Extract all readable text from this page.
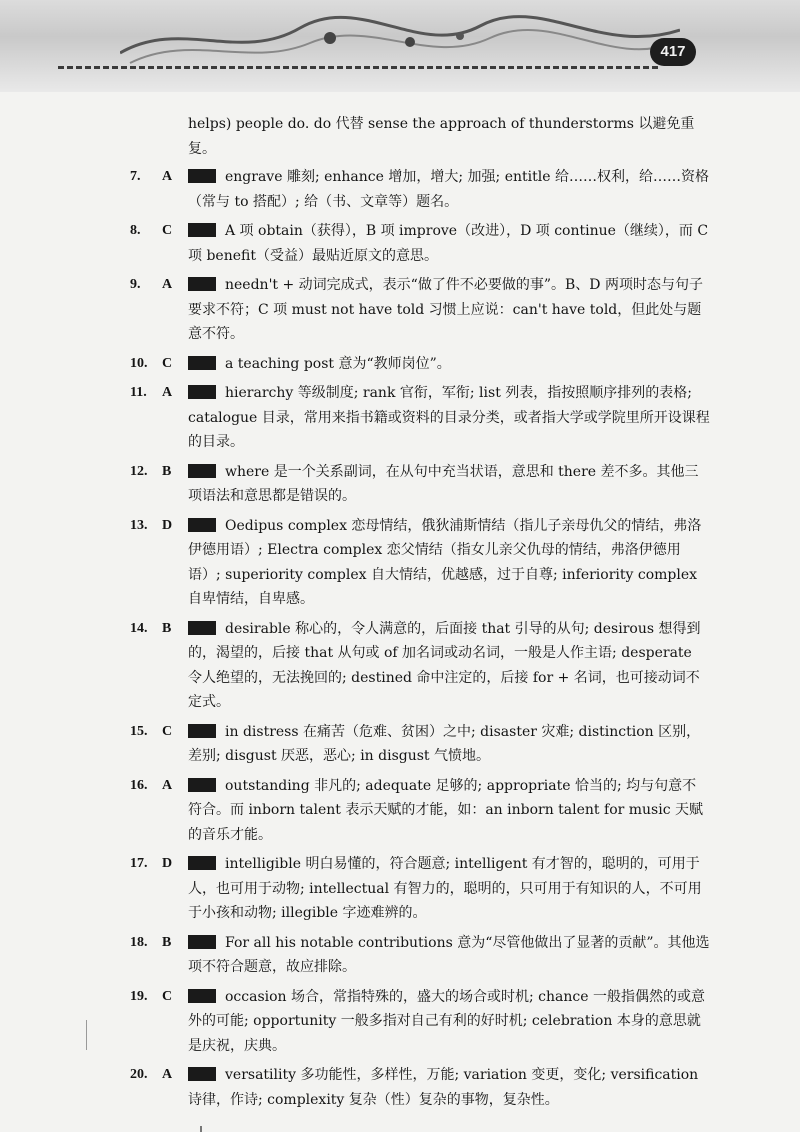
417
helps) people do. do 代替 sense the approach of thunderstorms 以避免重复。
7.	A	engrave 雕刻; enhance 增加，增大; 加强; entitle 给……权利，给……资格（常与 to 搭配）; 给（书、文章等）题名。
8.	C	A 项 obtain（获得），B 项 improve（改进），D 项 continue（继续），而 C 项 benefit（受益）最贴近原文的意思。
9.	A	needn't + 动词完成式，表示“做了件不必要做的事”。B、D 两项时态与句子要求不符；C 项 must not have told 习惯上应说：can't have told，但此处与题意不符。
10.	C	a teaching post 意为“教师岗位”。
11.	A	hierarchy 等级制度; rank 官衔，军衔; list 列表，指按照顺序排列的表格; catalogue 目录，常用来指书籍或资料的目录分类，或者指大学或学院里所开设课程的目录。
12.	B	where 是一个关系副词，在从句中充当状语，意思和 there 差不多。其他三项语法和意思都是错误的。
13.	D	Oedipus complex 恋母情结，俄狄浦斯情结（指儿子亲母仇父的情结，弗洛伊德用语）; Electra complex 恋父情结（指女儿亲父仇母的情结，弗洛伊德用语）; superiority complex 自大情结，优越感，过于自尊; inferiority complex 自卑情结，自卑感。
14.	B	desirable 称心的，令人满意的，后面接 that 引导的从句; desirous 想得到的，渴望的，后接 that 从句或 of 加名词或动名词，一般是人作主语; desperate 令人绝望的，无法挽回的; destined 命中注定的，后接 for + 名词，也可接动词不定式。
15.	C	in distress 在痛苦（危难、贫困）之中; disaster 灾难; distinction 区别，差别; disgust 厌恶，恶心; in disgust 气愤地。
16.	A	outstanding 非凡的; adequate 足够的; appropriate 恰当的; 均与句意不符合。而 inborn talent 表示天赋的才能，如：an inborn talent for music 天赋的音乐才能。
17.	D	intelligible 明白易懂的，符合题意; intelligent 有才智的，聪明的，可用于人，也可用于动物; intellectual 有智力的，聪明的，只可用于有知识的人，不可用于小孩和动物; illegible 字迹难辨的。
18.	B	For all his notable contributions 意为“尽管他做出了显著的贡献”。其他选项不符合题意，故应排除。
19.	C	occasion 场合，常指特殊的，盛大的场合或时机; chance 一般指偶然的或意外的可能; opportunity 一般多指对自己有利的好时机; celebration 本身的意思就是庆祝，庆典。
20.	A	versatility 多功能性，多样性，万能; variation 变更，变化; versification 诗律，作诗; complexity 复杂（性）复杂的事物，复杂性。
